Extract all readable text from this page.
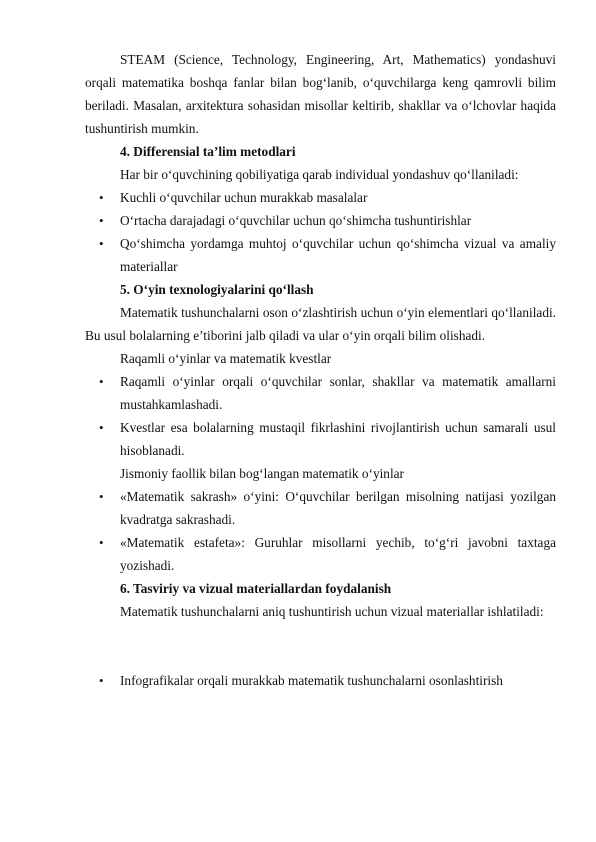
STEAM (Science, Technology, Engineering, Art, Mathematics) yondashuvi orqali matematika boshqa fanlar bilan bog‘lanib, o‘quvchilarga keng qamrovli bilim beriladi. Masalan, arxitektura sohasidan misollar keltirib, shakllar va o‘lchovlar haqida tushuntirish mumkin.

4. Differensial ta’lim metodlari

Har bir o‘quvchining qobiliyatiga qarab individual yondashuv qo‘llaniladi:

• Kuchli o‘quvchilar uchun murakkab masalalar
• O‘rtacha darajadagi o‘quvchilar uchun qo‘shimcha tushuntirishlar
• Qo‘shimcha yordamga muhtoj o‘quvchilar uchun qo‘shimcha vizual va amaliy materiallar

5. O‘yin texnologiyalarini qo‘llash

Matematik tushunchalarni oson o‘zlashtirish uchun o‘yin elementlari qo‘llaniladi. Bu usul bolalarning e’tiborini jalb qiladi va ular o‘yin orqali bilim olishadi.

Raqamli o‘yinlar va matematik kvestlar

• Raqamli o‘yinlar orqali o‘quvchilar sonlar, shakllar va matematik amallarni mustahkamlashadi.
• Kvestlar esa bolalarning mustaqil fikrlashini rivojlantirish uchun samarali usul hisoblanadi.

Jismoniy faollik bilan bog‘langan matematik o‘yinlar

• «Matematik sakrash» o‘yini: O‘quvchilar berilgan misolning natijasi yozilgan kvadratga sakrashadi.
• «Matematik estafeta»: Guruhlar misollarni yechib, to‘g‘ri javobni taxtaga yozishadi.

6. Tasviriy va vizual materiallardan foydalanish

Matematik tushunchalarni aniq tushuntirish uchun vizual materiallar ishlatiladi:

• Infografikalar orqali murakkab matematik tushunchalarni osonlashtirish
